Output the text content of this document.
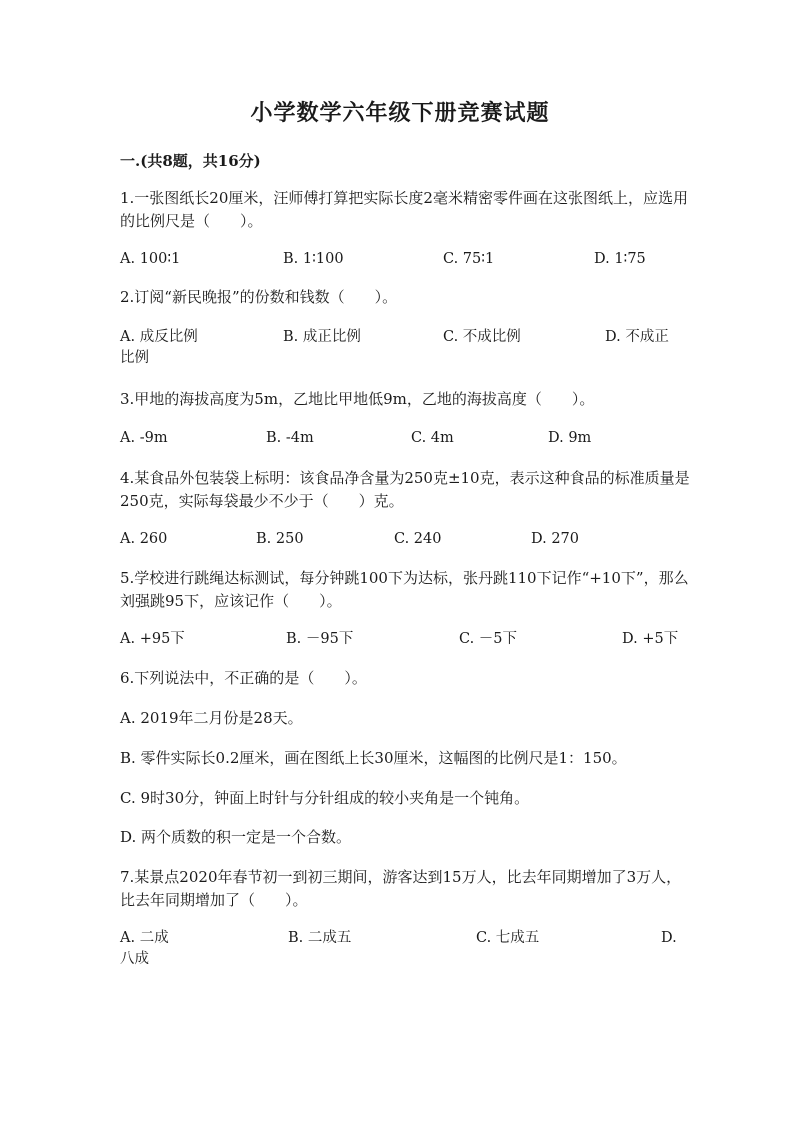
小学数学六年级下册竞赛试题
一.(共8题，共16分)
1.一张图纸长20厘米，汪师傅打算把实际长度2毫米精密零件画在这张图纸上，应选用的比例尺是（　　）。
A. 100∶1	B. 1∶100	C. 75∶1	D. 1∶75
2.订阅“新民晚报”的份数和钱数（　　）。
A. 成反比例	B. 成正比例	C. 不成比例	D. 不成正
比例
3.甲地的海拔高度为5m，乙地比甲地低9m，乙地的海拔高度（　　）。
A. -9m	B. -4m	C. 4m	D. 9m
4.某食品外包装袋上标明：该食品净含量为250克±10克，表示这种食品的标准质量是250克，实际每袋最少不少于（　　）克。
A. 260	B. 250	C. 240	D. 270
5.学校进行跳绳达标测试，每分钟跳100下为达标，张丹跳110下记作“+10下”，那么刘强跳95下，应该记作（　　）。
A. +95下	B. －95下	C. －5下	D. +5下
6.下列说法中，不正确的是（　　）。
A. 2019年二月份是28天。
B. 零件实际长0.2厘米，画在图纸上长30厘米，这幅图的比例尺是1：150。
C. 9时30分，钟面上时针与分针组成的较小夹角是一个钝角。
D. 两个质数的积一定是一个合数。
7.某景点2020年春节初一到初三期间，游客达到15万人，比去年同期增加了3万人，比去年同期增加了（　　）。
A. 二成	B. 二成五	C. 七成五	D.
八成
